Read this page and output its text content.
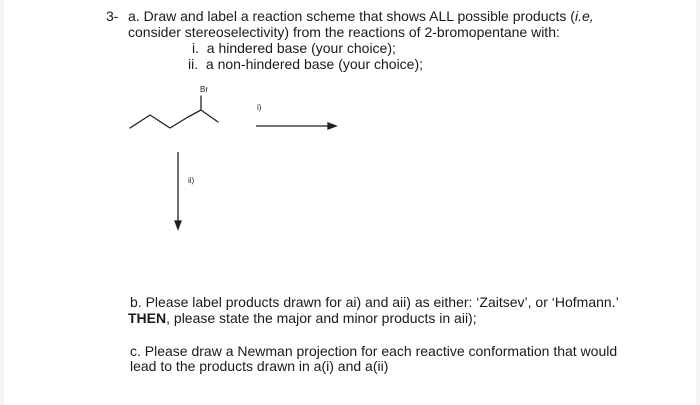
3- a. Draw and label a reaction scheme that shows ALL possible products (i.e,
consider stereoselectivity) from the reactions of 2-bromopentane with:
i.  a hindered base (your choice);
ii.  a non-hindered base (your choice);
Br
i)
ii)
b. Please label products drawn for ai) and aii) as either: ‘Zaitsev’, or ‘Hofmann.’
THEN, please state the major and minor products in aii);
c. Please draw a Newman projection for each reactive conformation that would
lead to the products drawn in a(i) and a(ii)
